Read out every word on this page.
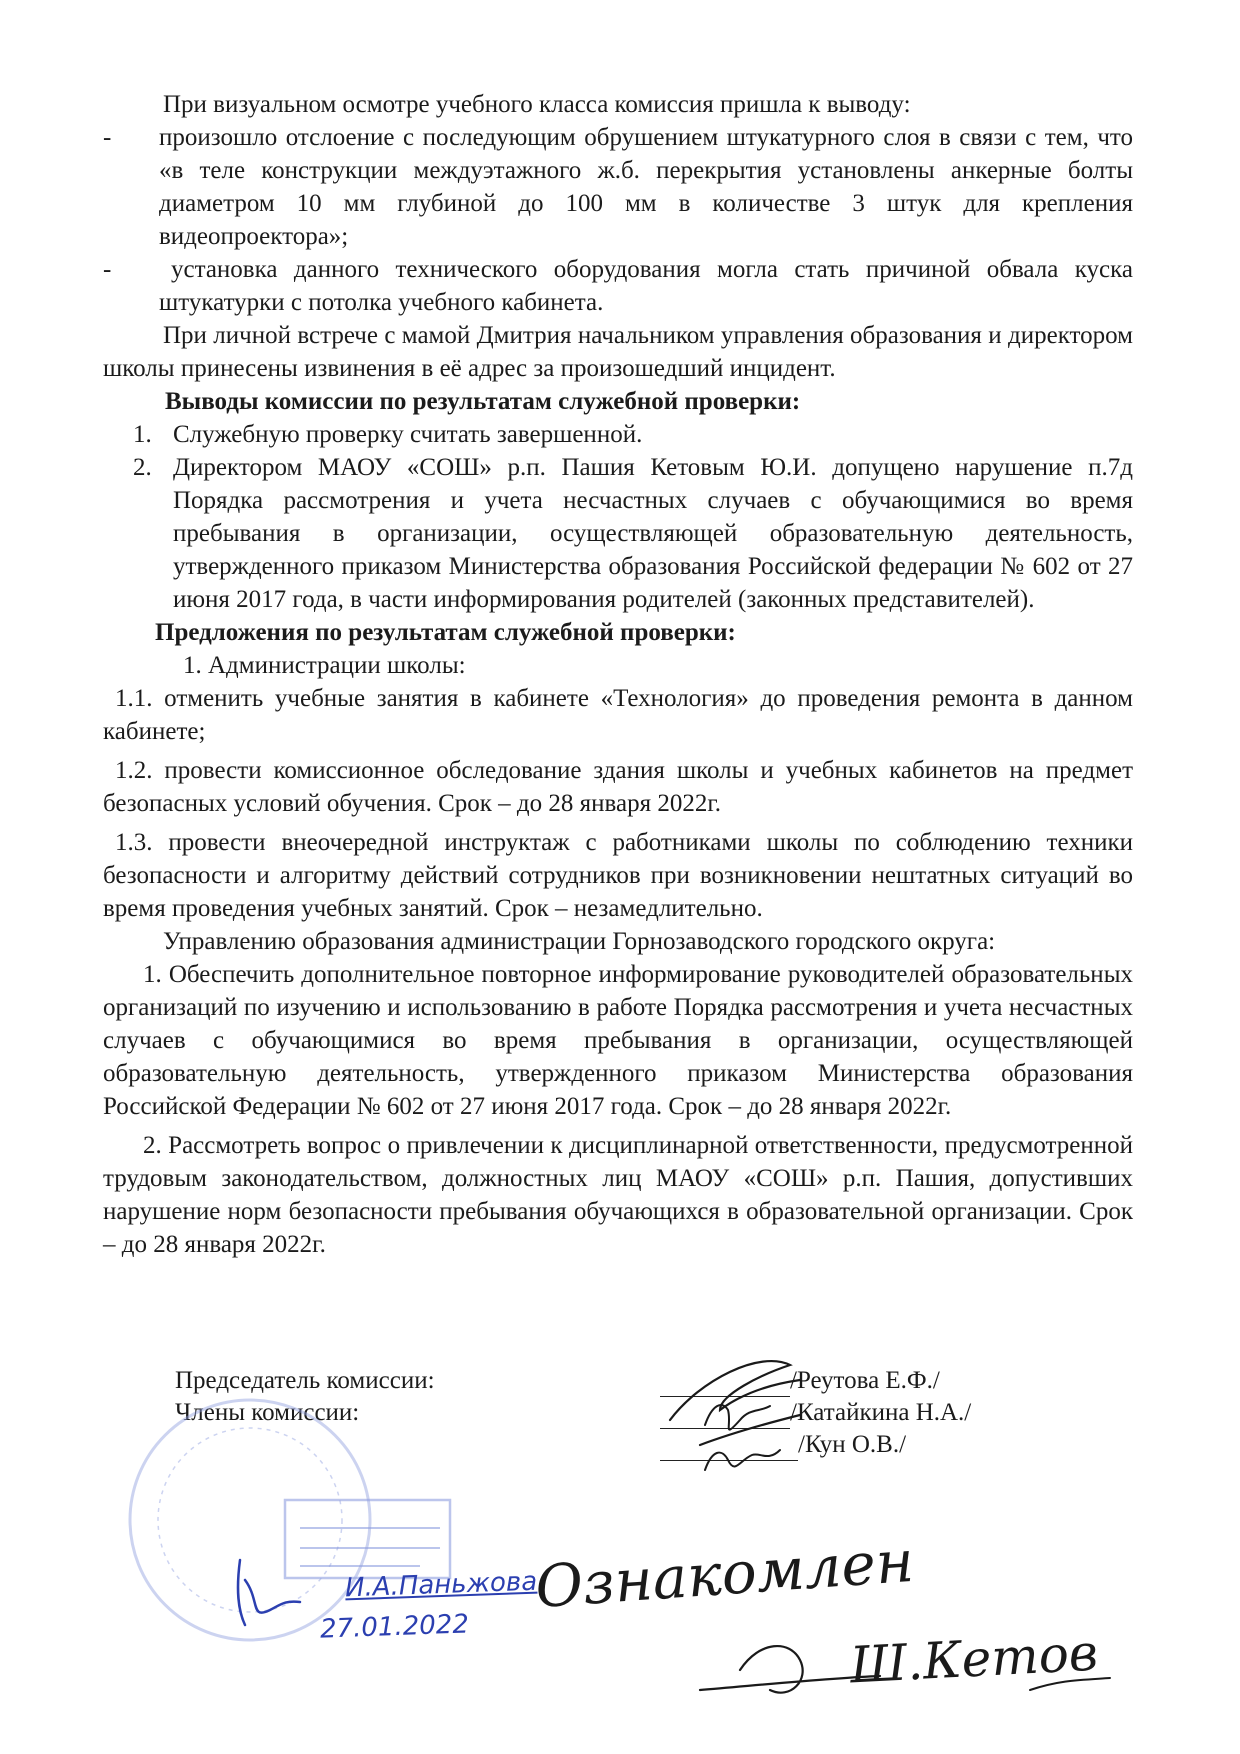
При визуальном осмотре учебного класса комиссия пришла к выводу:

-	произошло отслоение с последующим обрушением штукатурного слоя в связи с тем, что «в теле конструкции междуэтажного ж.б. перекрытия установлены анкерные болты диаметром 10 мм глубиной до 100 мм в количестве 3 штук для крепления видеопроектора»;
-	установка данного технического оборудования могла стать причиной обвала куска штукатурки с потолка учебного кабинета.

При личной встрече с мамой Дмитрия начальником управления образования и директором школы принесены извинения в её адрес за произошедший инцидент.

Выводы комиссии по результатам служебной проверки:

1. Служебную проверку считать завершенной.
2. Директором МАОУ «СОШ» р.п. Пашия Кетовым Ю.И. допущено нарушение п.7д Порядка рассмотрения и учета несчастных случаев с обучающимися во время пребывания в организации, осуществляющей образовательную деятельность, утвержденного приказом Министерства образования Российской федерации № 602 от 27 июня 2017 года, в части информирования родителей (законных представителей).

Предложения по результатам служебной проверки:

1. Администрации школы:

1.1. отменить учебные занятия в кабинете «Технология» до проведения ремонта в данном кабинете;

1.2. провести комиссионное обследование здания школы и учебных кабинетов на предмет безопасных условий обучения. Срок – до 28 января 2022г.

1.3. провести внеочередной инструктаж с работниками школы по соблюдению техники безопасности и алгоритму действий сотрудников при возникновении нештатных ситуаций во время проведения учебных занятий. Срок – незамедлительно.

Управлению образования администрации Горнозаводского городского округа:

1. Обеспечить дополнительное повторное информирование руководителей образовательных организаций по изучению и использованию в работе Порядка рассмотрения и учета несчастных случаев с обучающимися во время пребывания в организации, осуществляющей образовательную деятельность, утвержденного приказом Министерства образования Российской Федерации № 602 от 27 июня 2017 года. Срок – до 28 января 2022г.

2. Рассмотреть вопрос о привлечении к дисциплинарной ответственности, предусмотренной трудовым законодательством, должностных лиц МАОУ «СОШ» р.п. Пашия, допустивших нарушение норм безопасности пребывания обучающихся в образовательной организации. Срок – до 28 января 2022г.

Председатель комиссии:
Члены комиссии:
/Реутова Е.Ф./
/Катайкина Н.А./
/Кун О.В./
Ознакомлен
Ш.Кетов
И.А.Паньжова
27.01.2022
